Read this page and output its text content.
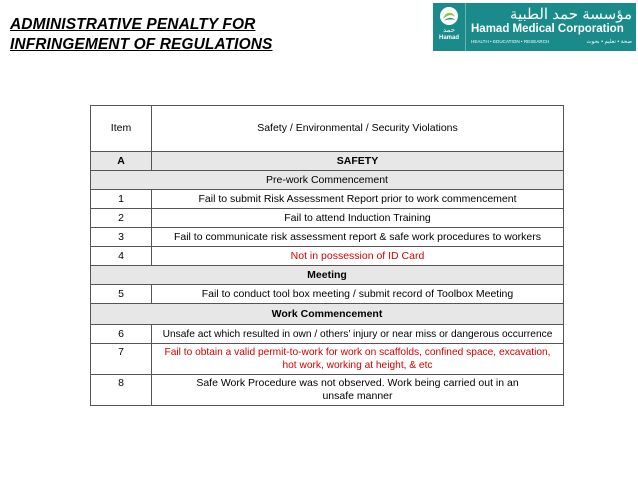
ADMINISTRATIVE PENALTY FOR
INFRINGEMENT OF REGULATIONS
حمد
Hamad
مؤسسة حمد الطبية
Hamad Medical Corporation
HEALTH • EDUCATION • RESEARCH	صحة • تعليم • بحوث
Item	Safety / Environmental / Security Violations
A	SAFETY
Pre-work Commencement	
1	Fail to submit Risk Assessment Report prior to work commencement
2	Fail to attend Induction Training
3	Fail to communicate risk assessment report & safe work procedures to workers
4	Not in possession of ID Card
Meeting	
5	Fail to conduct tool box meeting / submit record of Toolbox Meeting
Work Commencement	
6	Unsafe act which resulted in own / others’ injury or near miss or dangerous occurrence
7	Fail to obtain a valid permit-to-work for work on scaffolds, confined space, excavation,
hot work, working at height, & etc

8	Safe Work Procedure was not observed. Work being carried out in an
unsafe manner
